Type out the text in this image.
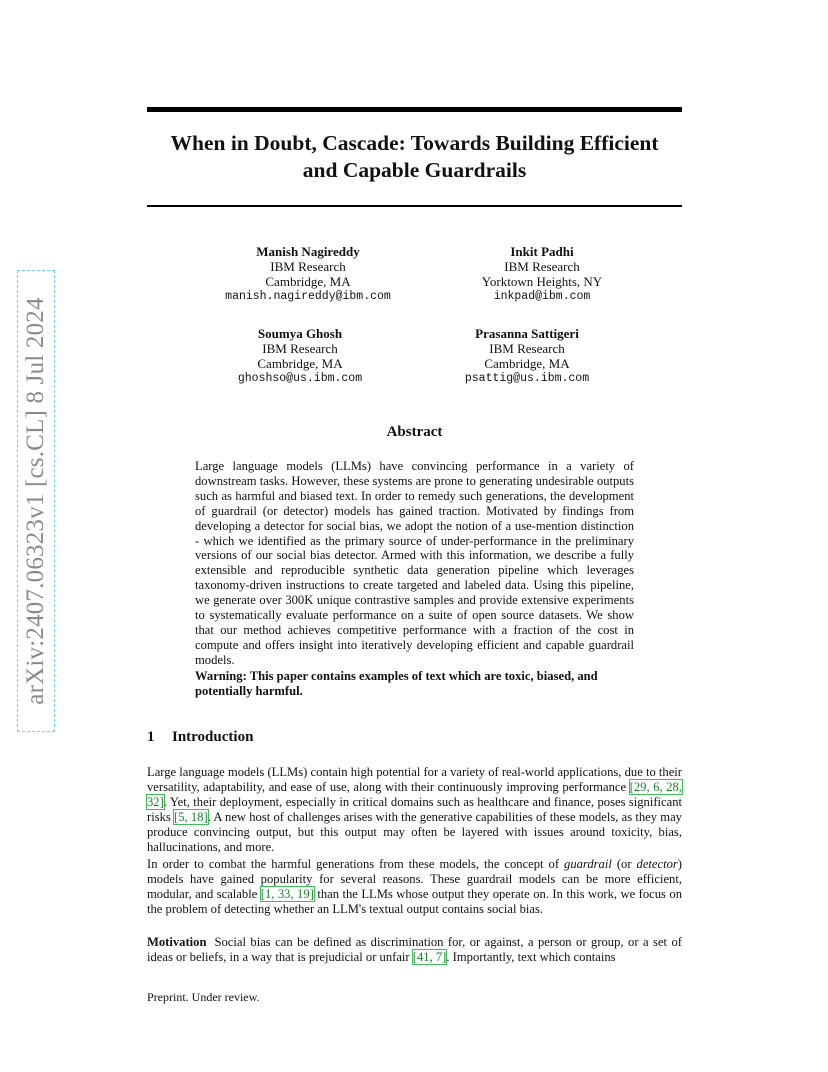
When in Doubt, Cascade: Towards Building Efficient
and Capable Guardrails
arXiv:2407.06323v1 [cs.CL] 8 Jul 2024
Manish Nagireddy
IBM Research
Cambridge, MA
manish.nagireddy@ibm.com
Inkit Padhi
IBM Research
Yorktown Heights, NY
inkpad@ibm.com
Soumya Ghosh
IBM Research
Cambridge, MA
ghoshso@us.ibm.com
Prasanna Sattigeri
IBM Research
Cambridge, MA
psattig@us.ibm.com
Abstract
Large language models (LLMs) have convincing performance in a variety of downstream tasks. However, these systems are prone to generating undesirable outputs such as harmful and biased text. In order to remedy such generations, the development of guardrail (or detector) models has gained traction. Motivated by findings from developing a detector for social bias, we adopt the notion of a use-mention distinction - which we identified as the primary source of under-performance in the preliminary versions of our social bias detector. Armed with this information, we describe a fully extensible and reproducible synthetic data generation pipeline which leverages taxonomy-driven instructions to create targeted and labeled data. Using this pipeline, we generate over 300K unique contrastive samples and provide extensive experiments to systematically evaluate performance on a suite of open source datasets. We show that our method achieves competitive performance with a fraction of the cost in compute and offers insight into iteratively developing efficient and capable guardrail models.
Warning: This paper contains examples of text which are toxic, biased, and potentially harmful.
1 Introduction
Large language models (LLMs) contain high potential for a variety of real-world applications, due to their versatility, adaptability, and ease of use, along with their continuously improving performance [29, 6, 28, 32]. Yet, their deployment, especially in critical domains such as healthcare and finance, poses significant risks [5, 18]. A new host of challenges arises with the generative capabilities of these models, as they may produce convincing output, but this output may often be layered with issues around toxicity, bias, hallucinations, and more.
In order to combat the harmful generations from these models, the concept of guardrail (or detector) models have gained popularity for several reasons. These guardrail models can be more efficient, modular, and scalable [1, 33, 19] than the LLMs whose output they operate on. In this work, we focus on the problem of detecting whether an LLM's textual output contains social bias.
Motivation Social bias can be defined as discrimination for, or against, a person or group, or a set of ideas or beliefs, in a way that is prejudicial or unfair [41, 7]. Importantly, text which contains
Preprint. Under review.
